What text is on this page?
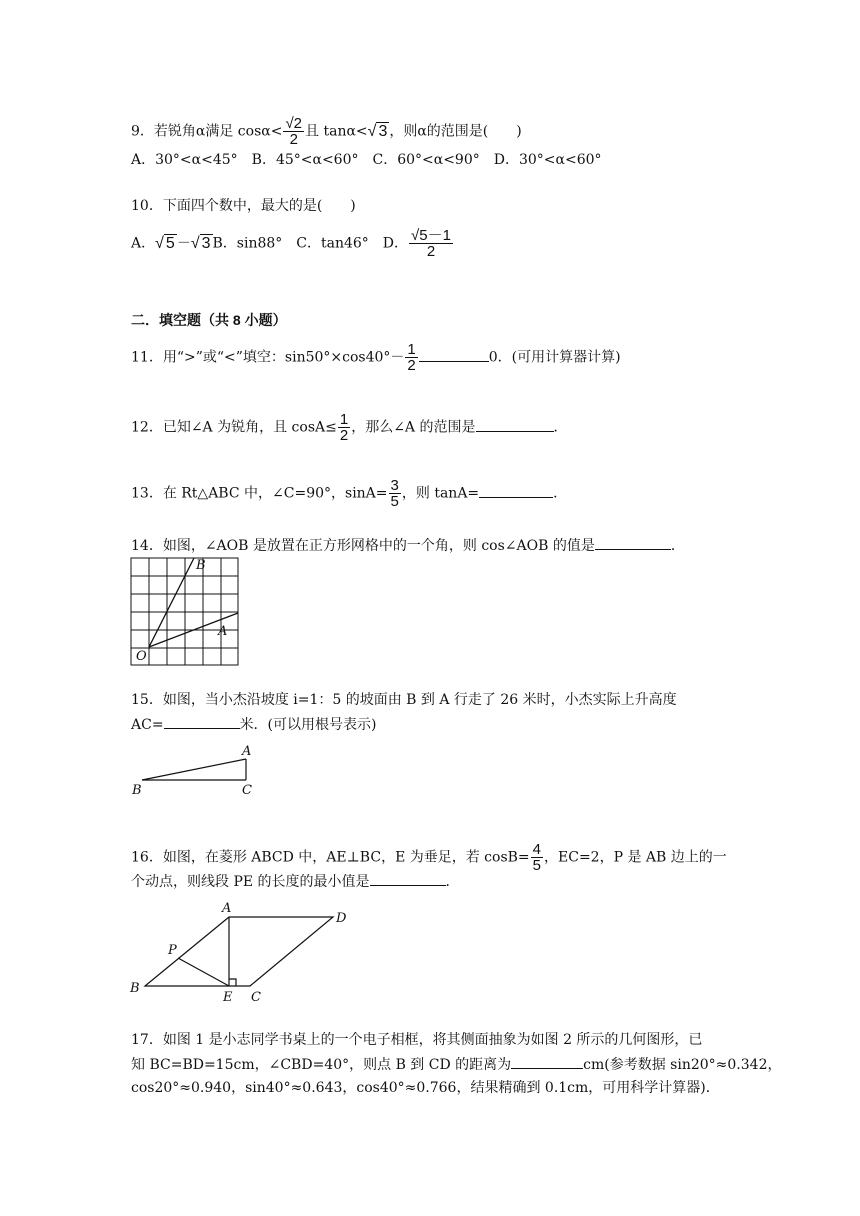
9．若锐角α满足 $\cos\alpha< \frac{√2}{2}$ 且 tanα<√ 3 ，则α的范围是(　　)
A．30°<α<45°　B．45°<α<60°　C．60°<α<90°　D．30°<α<60°
10．下面四个数中，最大的是(　　)
A．√ 5 －√ 3 B．sin88°　C．tan46°　D． $\frac{√5-1}{2}$
二．填空题（共 8 小题）
11．用“>”或“<”填空：$\sin 50^\circ\times\cos 40^\circ- \frac{1}{2}$	0．(可用计算器计算)
12．已知∠A 为锐角，且 $\cos A\le \frac{1}{2}$ ，那么∠A 的范围是	．
13．在 Rt△ABC 中，∠C=90°，$\sin A= \frac{3}{5}$ ，则 tanA=	．
14．如图，∠AOB 是放置在正方形网格中的一个角，则 cos∠AOB 的值是	．
B
A
O
15．如图，当小杰沿坡度 i=1：5 的坡面由 B 到 A 行走了 26 米时，小杰实际上升高度
AC=	米．(可以用根号表示)
A
B	C
16．如图，在菱形 ABCD 中，AE⊥BC，E 为垂足，若 $\cos B= \frac{4}{5}$ ，EC=2，P 是 AB 边上的一
个动点，则线段 PE 的长度的最小值是	．
A
D
P
B
E C
17．如图 1 是小志同学书桌上的一个电子相框，将其侧面抽象为如图 2 所示的几何图形，已
知 BC=BD=15cm，∠CBD=40°，则点 B 到 CD 的距离为	cm(参考数据 sin20°≈0.342，
cos20°≈0.940，sin40°≈0.643，cos40°≈0.766，结果精确到 0.1cm，可用科学计算器)．
